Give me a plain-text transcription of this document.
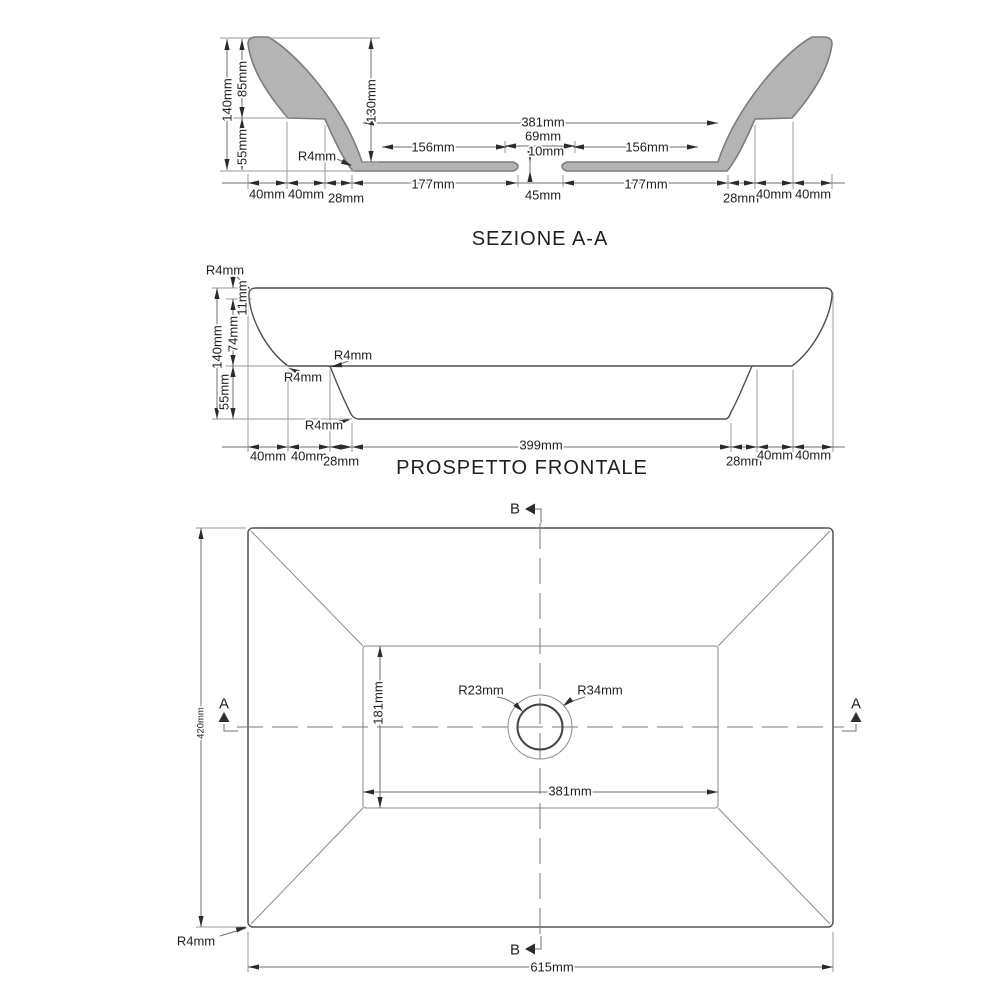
140mm 85mm
55mm
130mm	381mm
69mm
10mm
45mm
156mm	156mm
177mm	177mm
40mm 40mm 28mm	28mm
40mm 40mm
R4mm
SEZIONE A-A
140mm
11mm
74mm
55mm
399mm
40mm 40mm
28mm	28mm
40mm 40mm
R4mm
R4mm
R4mm
R4mm
PROSPETTO FRONTALE
A	A
B
B
420mm	181mm
381mm
615mm
R23mm	R34mm
R4mm
